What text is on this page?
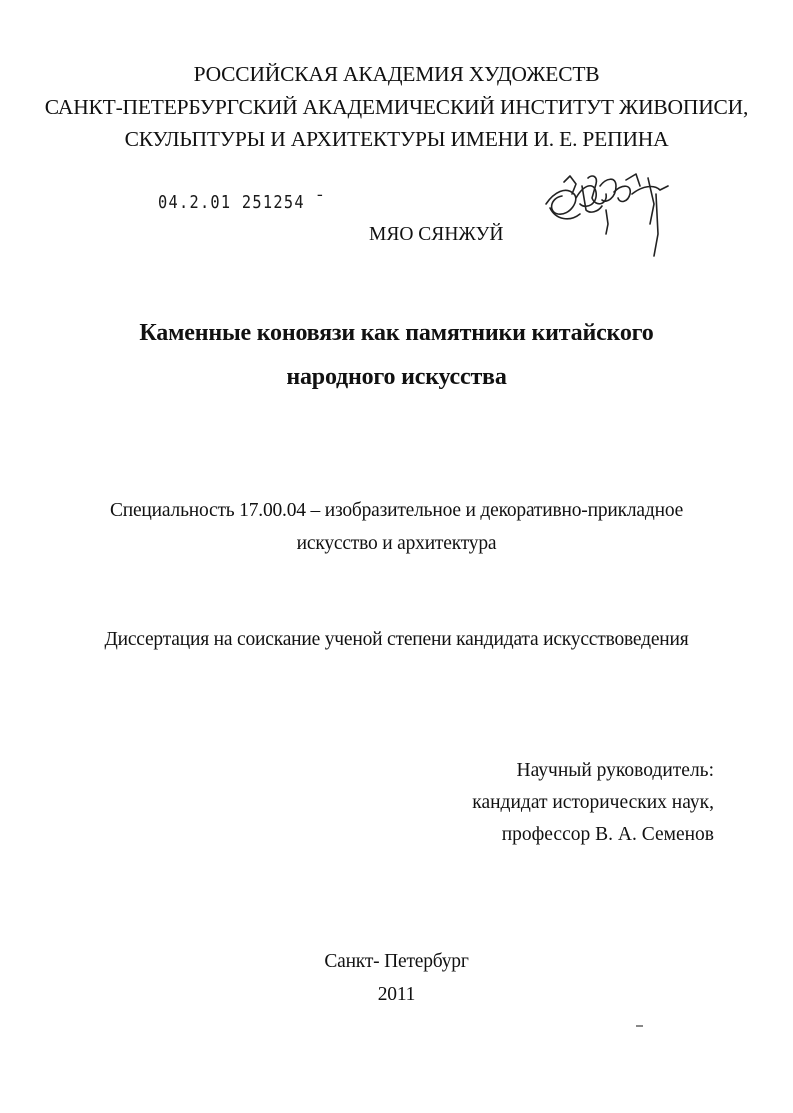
РОССИЙСКАЯ АКАДЕМИЯ ХУДОЖЕСТВ
САНКТ-ПЕТЕРБУРГСКИЙ АКАДЕМИЧЕСКИЙ ИНСТИТУТ ЖИВОПИСИ,
СКУЛЬПТУРЫ И АРХИТЕКТУРЫ ИМЕНИ И. Е. РЕПИНА
04.2.01 251254 ˉ
МЯО СЯНЖУЙ
Каменные коновязи как памятники китайского
народного искусства
Специальность 17.00.04 – изобразительное и декоративно-прикладное
искусство и архитектура
Диссертация на соискание ученой степени кандидата искусствоведения
Научный руководитель:
кандидат исторических наук,
профессор В. А. Семенов
Санкт- Петербург
2011
